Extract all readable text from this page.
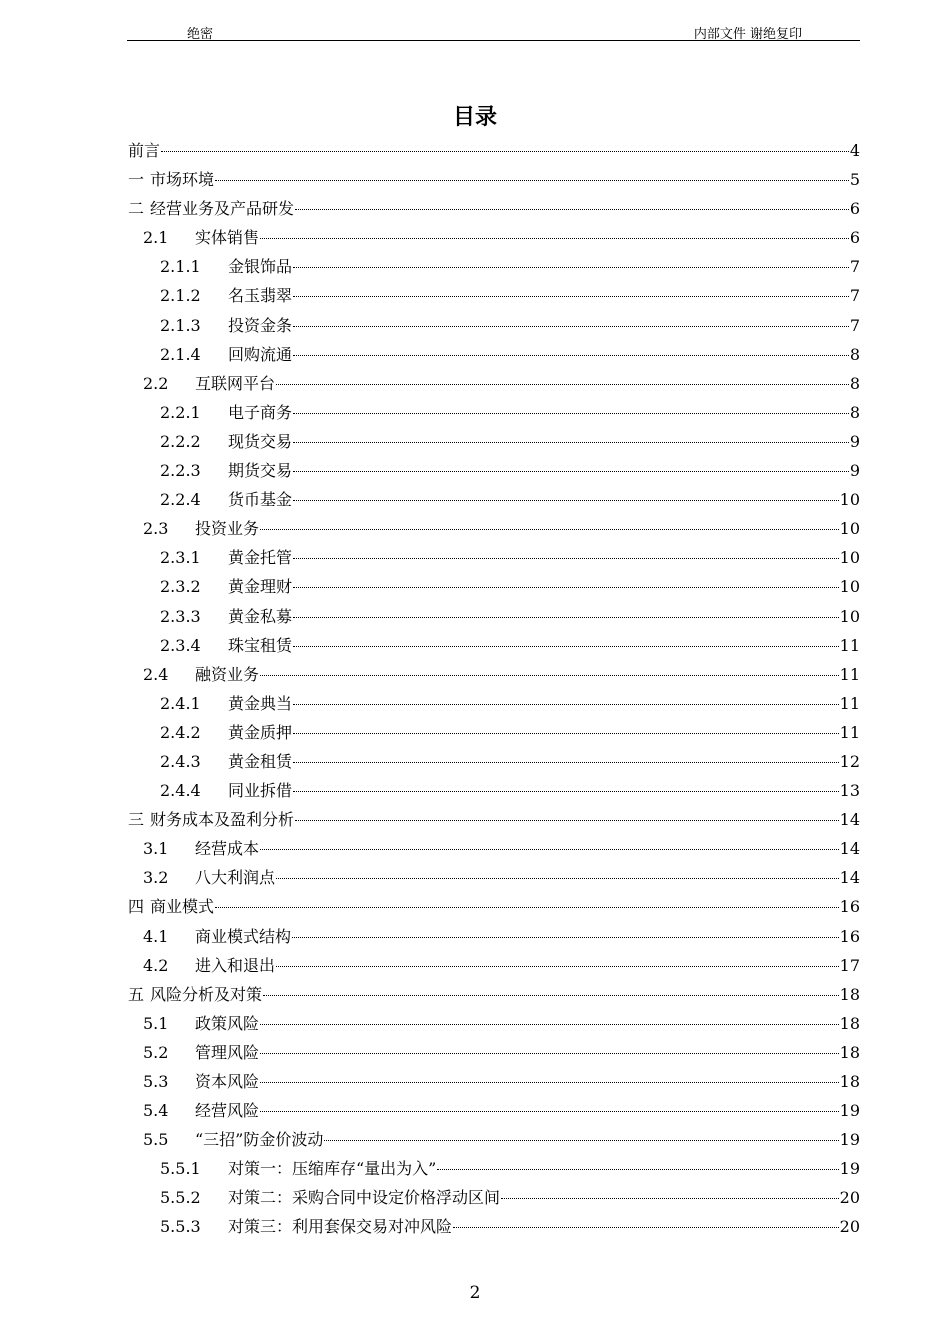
绝密	内部文件 谢绝复印
目录
前言	4
一 市场环境	5
二 经营业务及产品研发	6
2.1	实体销售	6
2.1.1	金银饰品	7
2.1.2	名玉翡翠	7
2.1.3	投资金条	7
2.1.4	回购流通	8
2.2	互联网平台	8
2.2.1	电子商务	8
2.2.2	现货交易	9
2.2.3	期货交易	9
2.2.4	货币基金	10
2.3	投资业务	10
2.3.1	黄金托管	10
2.3.2	黄金理财	10
2.3.3	黄金私募	10
2.3.4	珠宝租赁	11
2.4	融资业务	11
2.4.1	黄金典当	11
2.4.2	黄金质押	11
2.4.3	黄金租赁	12
2.4.4	同业拆借	13
三 财务成本及盈利分析	14
3.1	经营成本	14
3.2	八大利润点	14
四 商业模式	16
4.1	商业模式结构	16
4.2	进入和退出	17
五 风险分析及对策	18
5.1	政策风险	18
5.2	管理风险	18
5.3	资本风险	18
5.4	经营风险	19
5.5	“三招”防金价波动	19
5.5.1	对策一：压缩库存“量出为入”	19
5.5.2	对策二：采购合同中设定价格浮动区间	20
5.5.3	对策三：利用套保交易对冲风险	20
2
